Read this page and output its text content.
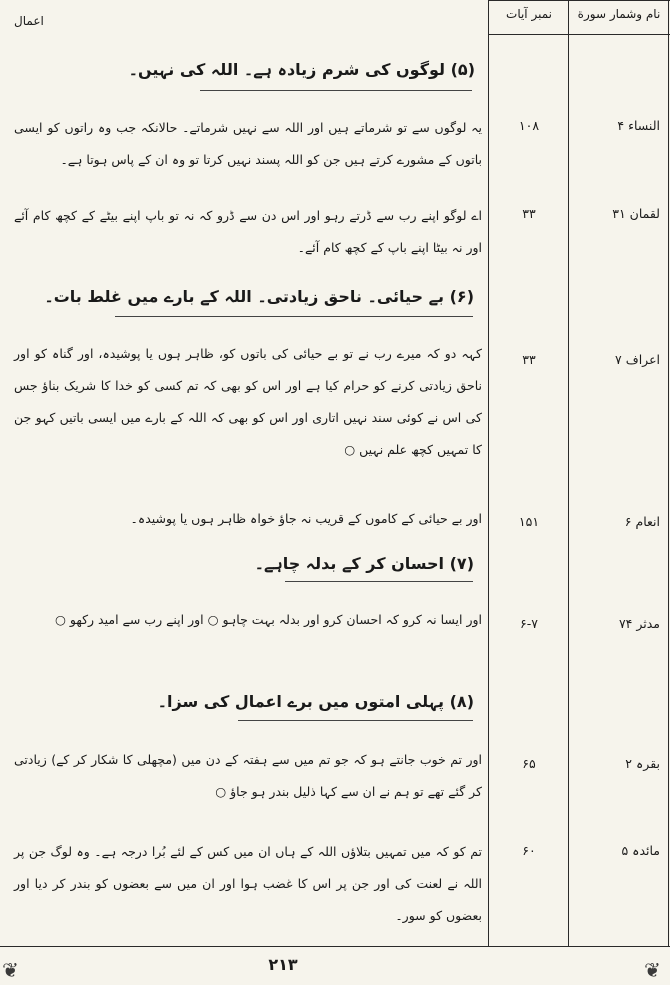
نام وشمار سورة
نمبر آیات
اعمال
(۵) لوگوں کی شرم زیادہ ہے۔ اللہ کی نہیں۔
النساء ۴
۱۰۸
یہ لوگوں سے تو شرماتے ہیں اور اللہ سے نہیں شرماتے۔ حالانکہ جب وہ راتوں کو ایسی باتوں کے مشورے کرتے ہیں جن کو اللہ پسند نہیں کرتا تو وہ ان کے پاس ہوتا ہے۔
لقمان ۳۱
۳۳
اے لوگو اپنے رب سے ڈرتے رہو اور اس دن سے ڈرو کہ نہ تو باپ اپنے بیٹے کے کچھ کام آئے اور نہ بیٹا اپنے باپ کے کچھ کام آئے۔
(۶) بے حیائی۔ ناحق زیادتی۔ اللہ کے بارے میں غلط بات۔
اعراف ۷
۳۳
کہہ دو کہ میرے رب نے تو بے حیائی کی باتوں کو، ظاہر ہوں یا پوشیدہ، اور گناہ کو اور ناحق زیادتی کرنے کو حرام کیا ہے اور اس کو بھی کہ تم کسی کو خدا کا شریک بناؤ جس کی اس نے کوئی سند نہیں اتاری اور اس کو بھی کہ اللہ کے بارے میں ایسی باتیں کہو جن کا تمہیں کچھ علم نہیں ○
انعام ۶
۱۵۱
اور بے حیائی کے کاموں کے قریب نہ جاؤ خواہ ظاہر ہوں یا پوشیدہ۔
(۷) احسان کر کے بدلہ چاہے۔
مدثر ۷۴
۶-۷
اور ایسا نہ کرو کہ احسان کرو اور بدلہ بہت چاہو ○ اور اپنے رب سے امید رکھو ○
(۸) پہلی امتوں میں برے اعمال کی سزا۔
بقرہ ۲
۶۵
اور تم خوب جانتے ہو کہ جو تم میں سے ہفتہ کے دن میں (مچھلی کا شکار کر کے) زیادتی کر گئے تھے تو ہم نے ان سے کہا ذلیل بندر ہو جاؤ ○
مائدہ ۵
۶۰
تم کو کہ میں تمہیں بتلاؤں اللہ کے ہاں ان میں کس کے لئے بُرا درجہ ہے۔ وہ لوگ جن پر اللہ نے لعنت کی اور جن پر اس کا غضب ہوا اور ان میں سے بعضوں کو بندر کر دیا اور بعضوں کو سور۔
۲۱۳
❦	❦
